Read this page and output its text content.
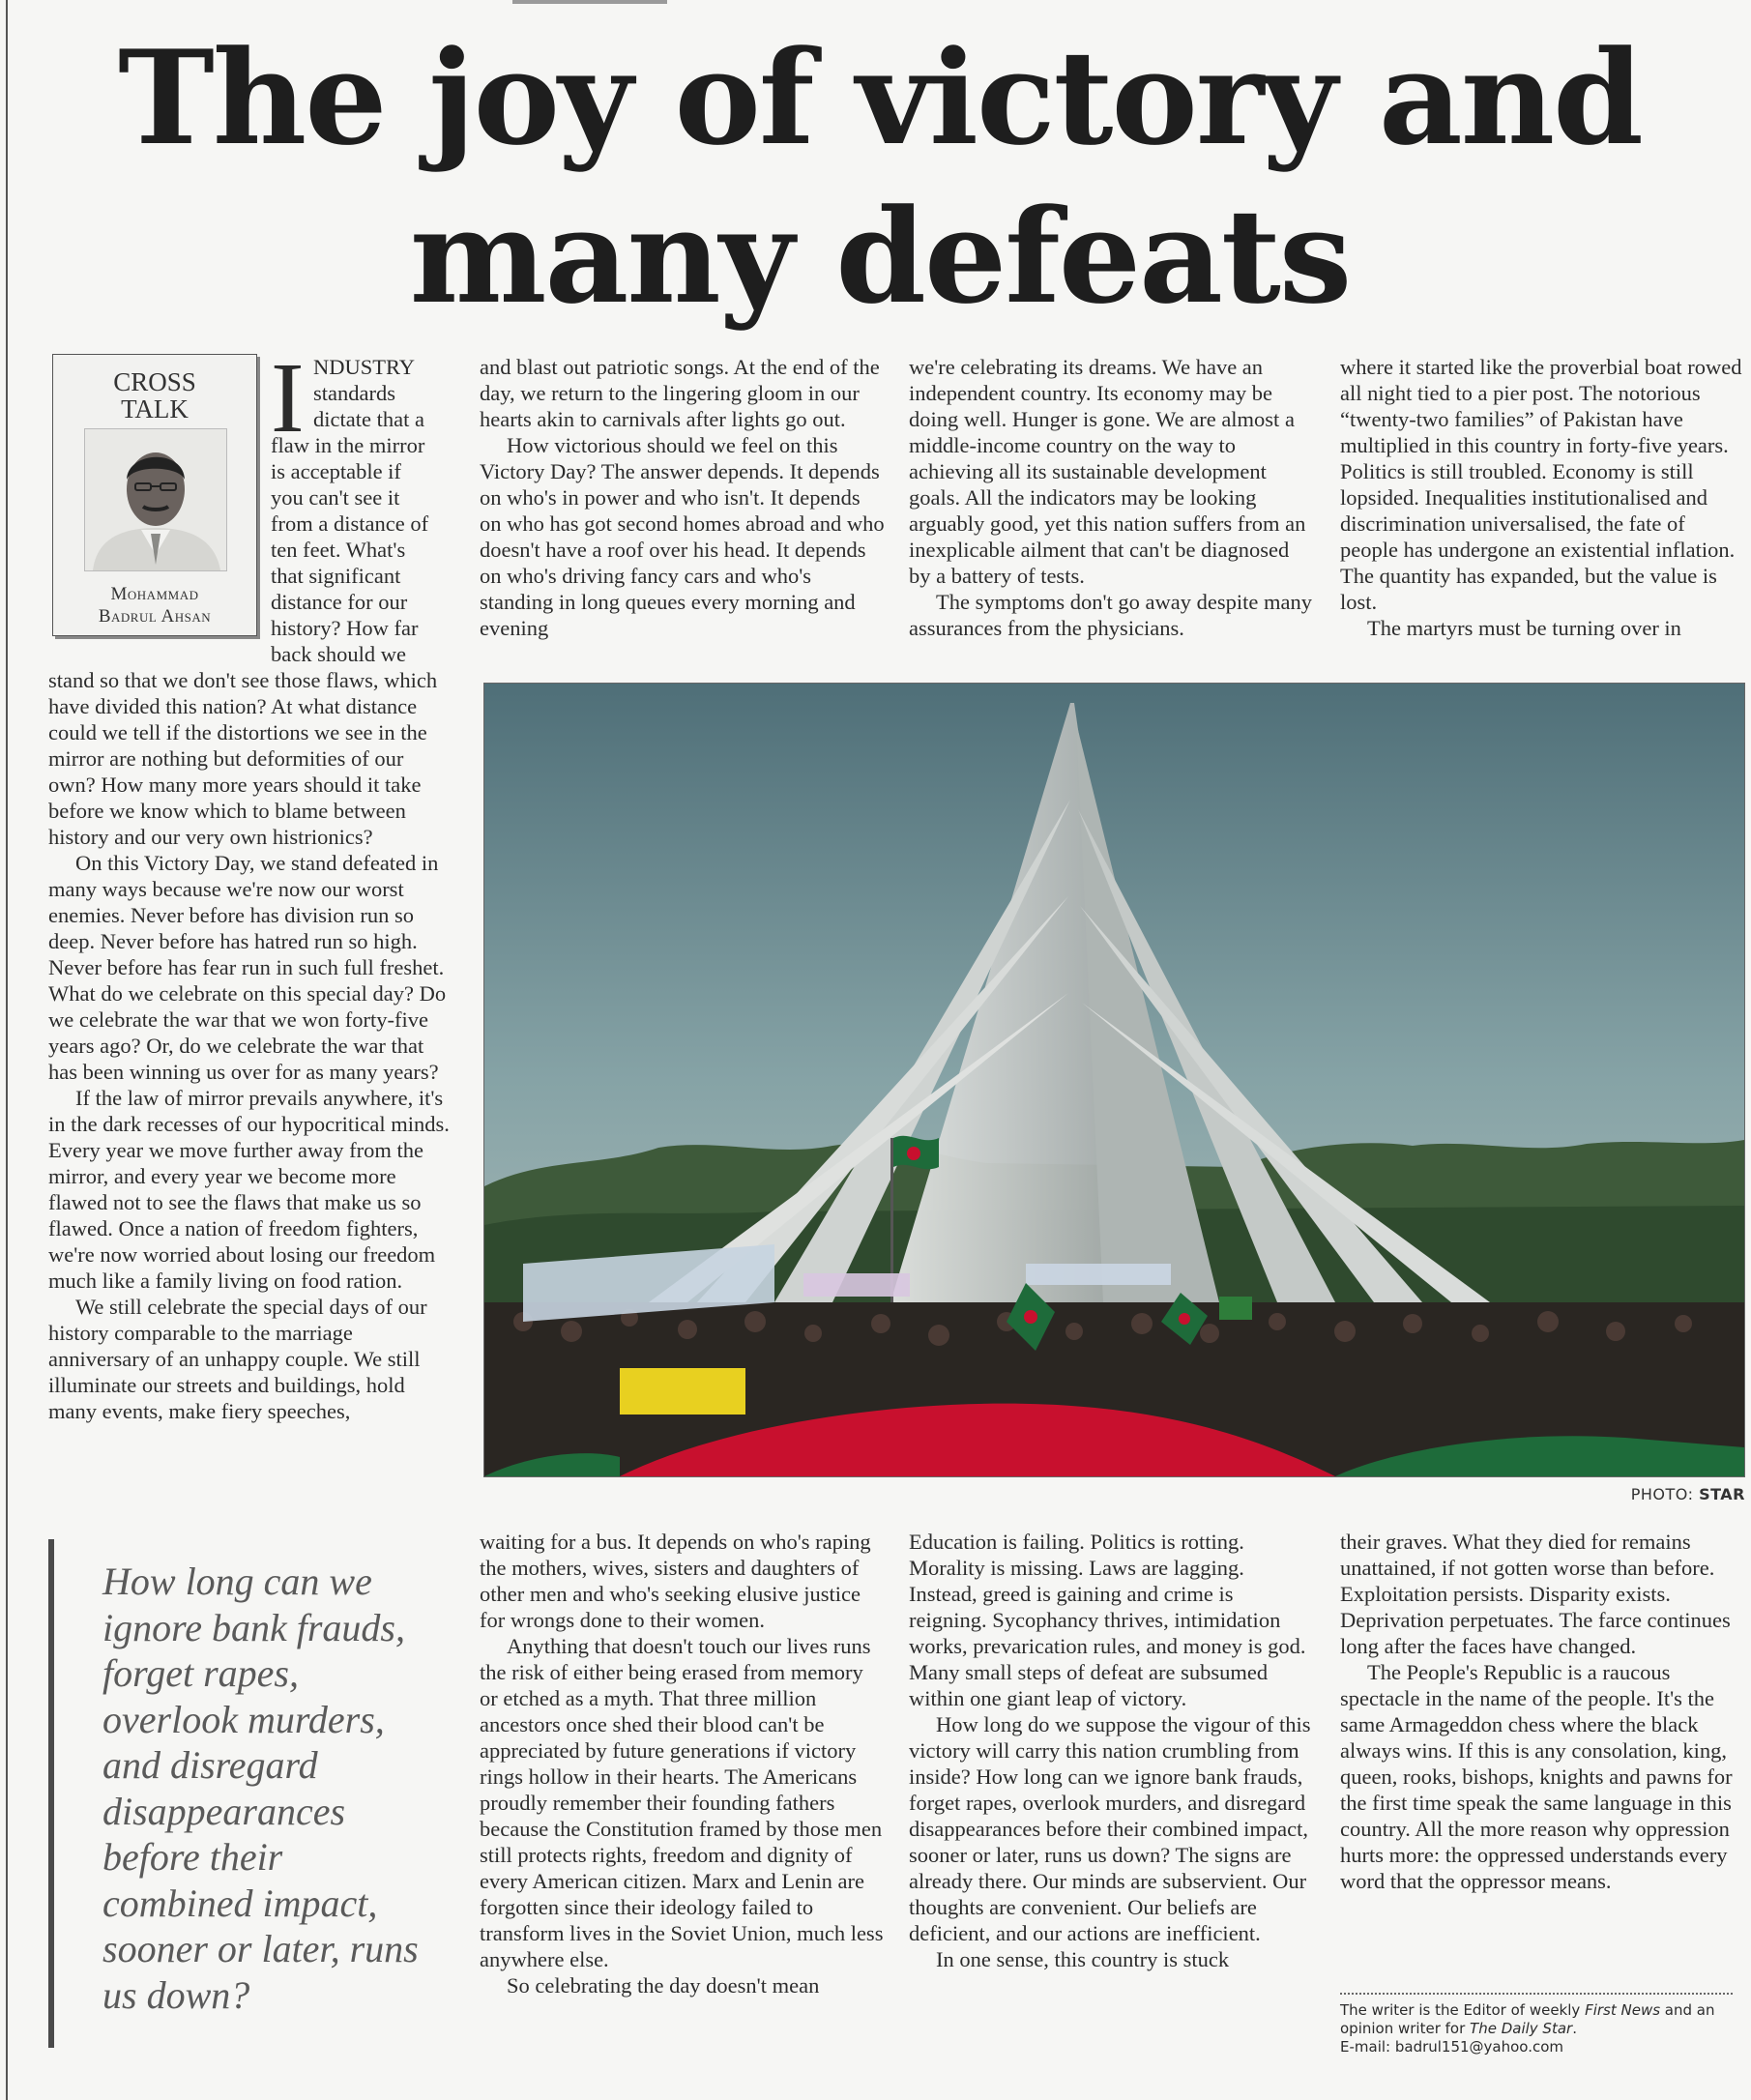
The joy of victory and
many defeats
CROSS
TALK
Mohammad
Badrul Ahsan
I NDUSTRY
standards
dictate that a
flaw in the mirror
is acceptable if
you can't see it
from a distance of
ten feet. What's
that significant
distance for our
history? How far
back should we

stand so that we don't see those flaws, which have divided this nation? At what distance could we tell if the distortions we see in the mirror are nothing but deformities of our own? How many more years should it take before we know which to blame between history and our very own histrionics?

On this Victory Day, we stand defeated in many ways because we're now our worst enemies. Never before has division run so deep. Never before has hatred run so high. Never before has fear run in such full freshet. What do we celebrate on this special day? Do we celebrate the war that we won forty-five years ago? Or, do we celebrate the war that has been winning us over for as many years?

If the law of mirror prevails anywhere, it's in the dark recesses of our hypocritical minds. Every year we move further away from the mirror, and every year we become more flawed not to see the flaws that make us so flawed. Once a nation of freedom fighters, we're now worried about losing our freedom much like a family living on food ration.

We still celebrate the special days of our history comparable to the marriage anniversary of an unhappy couple. We still illuminate our streets and buildings, hold many events, make fiery speeches,

and blast out patriotic songs. At the end of the day, we return to the lingering gloom in our hearts akin to carnivals after lights go out.

How victorious should we feel on this Victory Day? The answer depends. It depends on who's in power and who isn't. It depends on who has got second homes abroad and who doesn't have a roof over his head. It depends on who's driving fancy cars and who's standing in long queues every morning and evening

we're celebrating its dreams. We have an independent country. Its economy may be doing well. Hunger is gone. We are almost a middle-income country on the way to achieving all its sustainable development goals. All the indicators may be looking arguably good, yet this nation suffers from an inexplicable ailment that can't be diagnosed by a battery of tests.

The symptoms don't go away despite many assurances from the physicians.

where it started like the proverbial boat rowed all night tied to a pier post. The notorious “twenty-two families” of Pakistan have multiplied in this country in forty-five years. Politics is still troubled. Economy is still lopsided. Inequalities institutionalised and discrimination universalised, the fate of people has undergone an existential inflation. The quantity has expanded, but the value is lost.

The martyrs must be turning over in

PHOTO: STAR
How long can we ignore bank frauds, forget rapes, overlook murders, and disregard disappearances before their combined impact, sooner or later, runs us down?

waiting for a bus. It depends on who's raping the mothers, wives, sisters and daughters of other men and who's seeking elusive justice for wrongs done to their women.

Anything that doesn't touch our lives runs the risk of either being erased from memory or etched as a myth. That three million ancestors once shed their blood can't be appreciated by future generations if victory rings hollow in their hearts. The Americans proudly remember their founding fathers because the Constitution framed by those men still protects rights, freedom and dignity of every American citizen. Marx and Lenin are forgotten since their ideology failed to transform lives in the Soviet Union, much less anywhere else.

So celebrating the day doesn't mean

Education is failing. Politics is rotting. Morality is missing. Laws are lagging. Instead, greed is gaining and crime is reigning. Sycophancy thrives, intimidation works, prevarication rules, and money is god. Many small steps of defeat are subsumed within one giant leap of victory.

How long do we suppose the vigour of this victory will carry this nation crumbling from inside? How long can we ignore bank frauds, forget rapes, overlook murders, and disregard disappearances before their combined impact, sooner or later, runs us down? The signs are already there. Our minds are subservient. Our thoughts are convenient. Our beliefs are deficient, and our actions are inefficient.

In one sense, this country is stuck

their graves. What they died for remains unattained, if not gotten worse than before. Exploitation persists. Disparity exists. Deprivation perpetuates. The farce continues long after the faces have changed.

The People's Republic is a raucous spectacle in the name of the people. It's the same Armageddon chess where the black always wins. If this is any consolation, king, queen, rooks, bishops, knights and pawns for the first time speak the same language in this country. All the more reason why oppression hurts more: the oppressed understands every word that the oppressor means.

The writer is the Editor of weekly First News and an

opinion writer for The Daily Star.

E-mail: badrul151@yahoo.com
